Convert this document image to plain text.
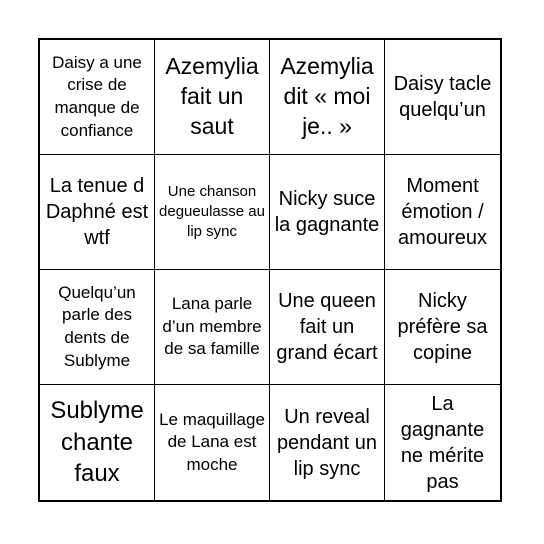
Daisy a une crise de manque de confiance
Azemylia fait un saut
Azemylia dit « moi je.. »
Daisy tacle quelqu’un
La tenue d Daphné est wtf
Une chanson degueulasse au lip sync
Nicky suce la gagnante
Moment émotion / amoureux
Quelqu’un parle des dents de Sublyme
Lana parle d’un membre de sa famille
Une queen fait un grand écart
Nicky préfère sa copine
Sublyme chante faux
Le maquillage de Lana est moche
Un reveal pendant un lip sync
La gagnante ne mérite pas
